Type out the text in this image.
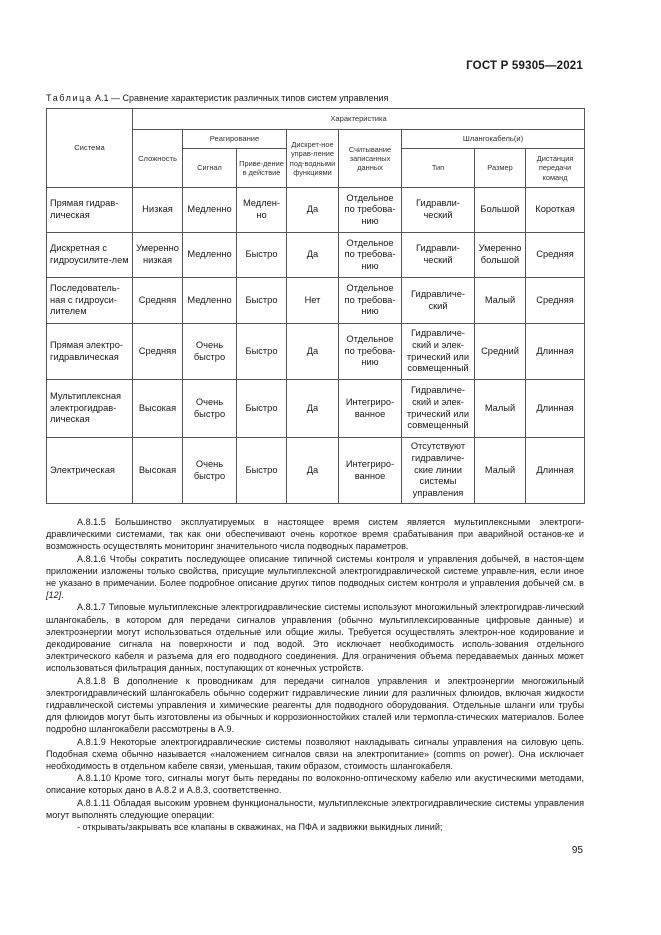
ГОСТ Р 59305—2021
Таблица А.1 — Сравнение характеристик различных типов систем управления
Система	Характеристика							
	Сложность	Реагирование		Дискрет-ное управ-ление под-водными функциями	Считывание записанных данных	Шлангокабель(и)		
		Сигнал	Приве-дение в действие			Тип	Размер	Дистанция передачи команд
Прямая гидрав-лическая	Низкая	Медленно	Медлен-но	Да	Отдельное по требова-нию	Гидравли-ческий	Большой	Короткая
Дискретная с гидроусилите-лем	Умеренно низкая	Медленно	Быстро	Да	Отдельное по требова-нию	Гидравли-ческий	Умеренно большой	Средняя
Последователь-ная с гидроуси-лителем	Средняя	Медленно	Быстро	Нет	Отдельное по требова-нию	Гидравличе-ский	Малый	Средняя
Прямая электро-гидравлическая	Средняя	Очень быстро	Быстро	Да	Отдельное по требова-нию	Гидравличе-ский и элек-трический или совмещенный	Средний	Длинная
Мультиплексная электрогидрав-лическая	Высокая	Очень быстро	Быстро	Да	Интегриро-ванное	Гидравличе-ский и элек-трический или совмещенный	Малый	Длинная
Электрическая	Высокая	Очень быстро	Быстро	Да	Интегриро-ванное	Отсутствуют гидравличе-ские линии системы управления	Малый	Длинная

А.8.1.5 Большинство эксплуатируемых в настоящее время систем является мультиплексными электроги-дравлическими системами, так как они обеспечивают очень короткое время срабатывания при аварийной останов-ке и возможность осуществлять мониторинг значительного числа подводных параметров.

А.8.1.6 Чтобы сократить последующее описание типичной системы контроля и управления добычей, в настоя-щем приложении изложены только свойства, присущие мультиплексной электрогидравлической системе управле-ния, если иное не указано в примечании. Более подробное описание других типов подводных систем контроля и управления добычей см. в [12].

А.8.1.7 Типовые мультиплексные электрогидравлические системы используют многожильный электрогидрав-лический шлангокабель, в котором для передачи сигналов управления (обычно мультиплексированные цифровые данные) и электроэнергии могут использоваться отдельные или общие жилы. Требуется осуществлять электрон-ное кодирование и декодирование сигнала на поверхности и под водой. Это исключает необходимость исполь-зования отдельного электрического кабеля и разъема для его подводного соединения. Для ограничения объема передаваемых данных может использоваться фильтрация данных, поступающих от конечных устройств.

А.8.1.8 В дополнение к проводникам для передачи сигналов управления и электроэнергии многожильный электрогидравлический шлангокабель обычно содержит гидравлические линии для различных флюидов, включая жидкости гидравлической системы управления и химические реагенты для подводного оборудования. Отдельные шланги или трубы для флюидов могут быть изготовлены из обычных и коррозионностойких сталей или термопла-стических материалов. Более подробно шлангокабели рассмотрены в А.9.

А.8.1.9 Некоторые электрогидравлические системы позволяют накладывать сигналы управления на силовую цепь. Подобная схема обычно называется «наложением сигналов связи на электропитание» (comms on power). Она исключает необходимость в отдельном кабеле связи, уменьшая, таким образом, стоимость шлангокабеля.

А.8.1.10 Кроме того, сигналы могут быть переданы по волоконно-оптическому кабелю или акустическими методами, описание которых дано в А.8.2 и А.8.3, соответственно.

А.8.1.11 Обладая высоким уровнем функциональности, мультиплексные электрогидравлические системы управления могут выполнять следующие операции:

- открывать/закрывать все клапаны в скважинах, на ПФА и задвижки выкидных линий;

95
